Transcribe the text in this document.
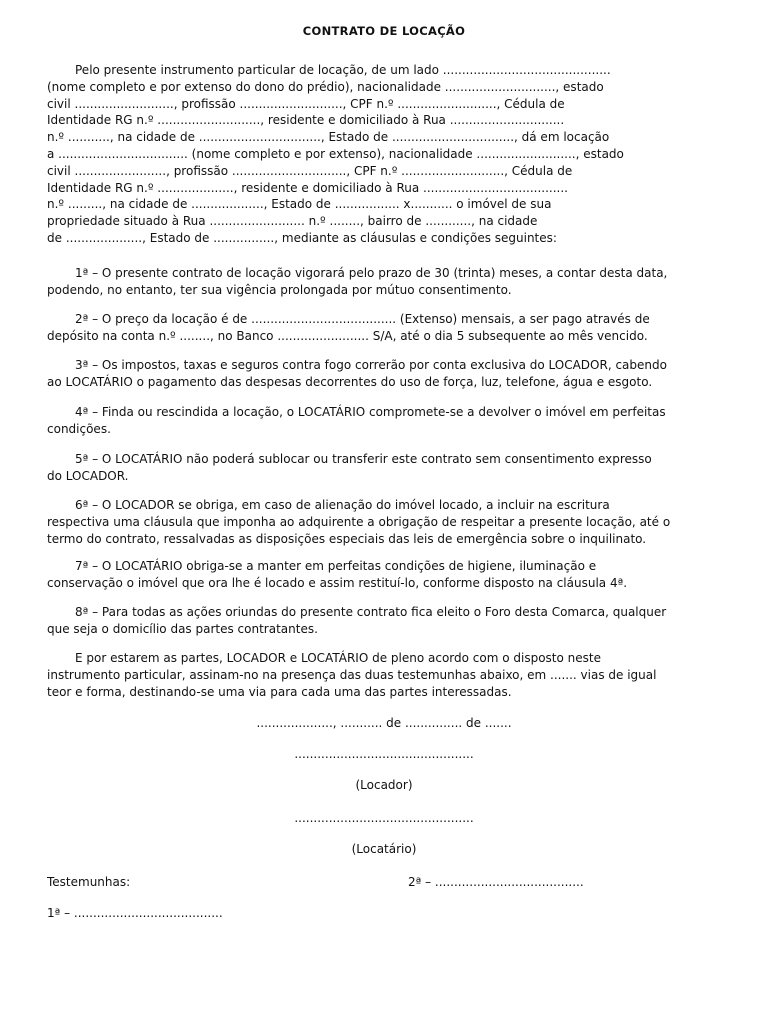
CONTRATO DE LOCAÇÃO
Pelo presente instrumento particular de locação, de um lado ............................................
(nome completo e por extenso do dono do prédio), nacionalidade ............................., estado
civil .........................., profissão ..........................., CPF n.º .........................., Cédula de
Identidade RG n.º ..........................., residente e domiciliado à Rua ..............................
n.º ..........., na cidade de ................................, Estado de ................................, dá em locação
a .................................. (nome completo e por extenso), nacionalidade .........................., estado
civil ........................, profissão .............................., CPF n.º ..........................., Cédula de
Identidade RG n.º ...................., residente e domiciliado à Rua ......................................
n.º ........., na cidade de ..................., Estado de ................. x........... o imóvel de sua
propriedade situado à Rua ......................... n.º ........, bairro de ............, na cidade
de ...................., Estado de ................, mediante as cláusulas e condições seguintes:
1ª – O presente contrato de locação vigorará pelo prazo de 30 (trinta) meses, a contar desta data,
podendo, no entanto, ter sua vigência prolongada por mútuo consentimento.
2ª – O preço da locação é de ...................................... (Extenso) mensais, a ser pago através de
depósito na conta n.º ........, no Banco ........................ S/A, até o dia 5 subsequente ao mês vencido.
3ª – Os impostos, taxas e seguros contra fogo correrão por conta exclusiva do LOCADOR, cabendo
ao LOCATÁRIO o pagamento das despesas decorrentes do uso de força, luz, telefone, água e esgoto.
4ª – Finda ou rescindida a locação, o LOCATÁRIO compromete-se a devolver o imóvel em perfeitas
condições.
5ª – O LOCATÁRIO não poderá sublocar ou transferir este contrato sem consentimento expresso
do LOCADOR.
6ª – O LOCADOR se obriga, em caso de alienação do imóvel locado, a incluir na escritura
respectiva uma cláusula que imponha ao adquirente a obrigação de respeitar a presente locação, até o
termo do contrato, ressalvadas as disposições especiais das leis de emergência sobre o inquilinato.
7ª – O LOCATÁRIO obriga-se a manter em perfeitas condições de higiene, iluminação e
conservação o imóvel que ora lhe é locado e assim restituí-lo, conforme disposto na cláusula 4ª.
8ª – Para todas as ações oriundas do presente contrato fica eleito o Foro desta Comarca, qualquer
que seja o domicílio das partes contratantes.
E por estarem as partes, LOCADOR e LOCATÁRIO de pleno acordo com o disposto neste
instrumento particular, assinam-no na presença das duas testemunhas abaixo, em ....... vias de igual
teor e forma, destinando-se uma via para cada uma das partes interessadas.
...................., ........... de ............... de .......
...............................................
(Locador)
...............................................
(Locatário)
Testemunhas:	2ª – .......................................
1ª – .......................................
